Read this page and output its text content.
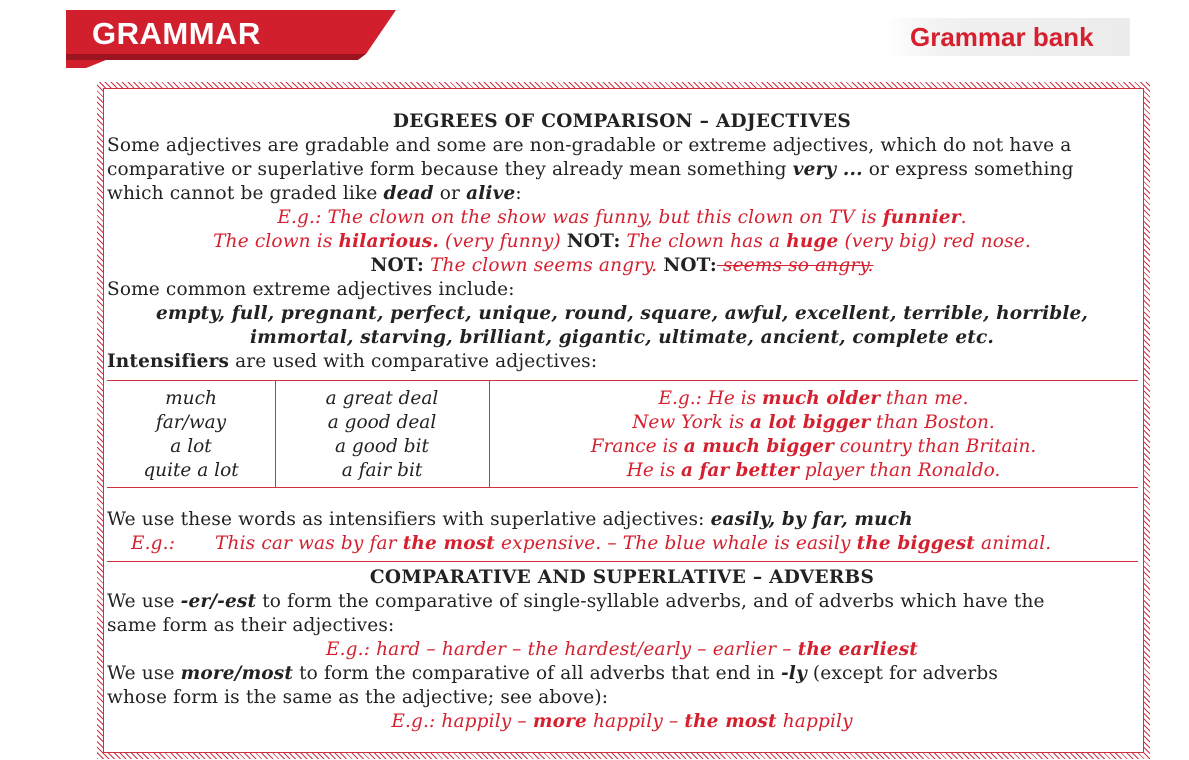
GRAMMAR	Grammar bank
DEGREES OF COMPARISON – ADJECTIVES
Some adjectives are gradable and some are non-gradable or extreme adjectives, which do not have a
comparative or superlative form because they already mean something very ... or express something
which cannot be graded like dead or alive:
E.g.: The clown on the show was funny, but this clown on TV is funnier.
The clown is hilarious. (very funny) NOT: The clown has a huge (very big) red nose.
NOT: The clown seems angry. NOT: seems so angry.
Some common extreme adjectives include:
empty, full, pregnant, perfect, unique, round, square, awful, excellent, terrible, horrible,
immortal, starving, brilliant, gigantic, ultimate, ancient, complete etc.
Intensifiers are used with comparative adjectives:
much
far/way
a lot
quite a lot
a great deal
a good deal
a good bit
a fair bit
E.g.: He is much older than me.
New York is a lot bigger than Boston.
France is a much bigger country than Britain.
He is a far better player than Ronaldo.
We use these words as intensifiers with superlative adjectives: easily, by far, much
E.g.: This car was by far the most expensive. – The blue whale is easily the biggest animal.
COMPARATIVE AND SUPERLATIVE – ADVERBS
We use -er/-est to form the comparative of single-syllable adverbs, and of adverbs which have the
same form as their adjectives:
E.g.: hard – harder – the hardest/early – earlier – the earliest
We use more/most to form the comparative of all adverbs that end in -ly (except for adverbs
whose form is the same as the adjective; see above):
E.g.: happily – more happily – the most happily
